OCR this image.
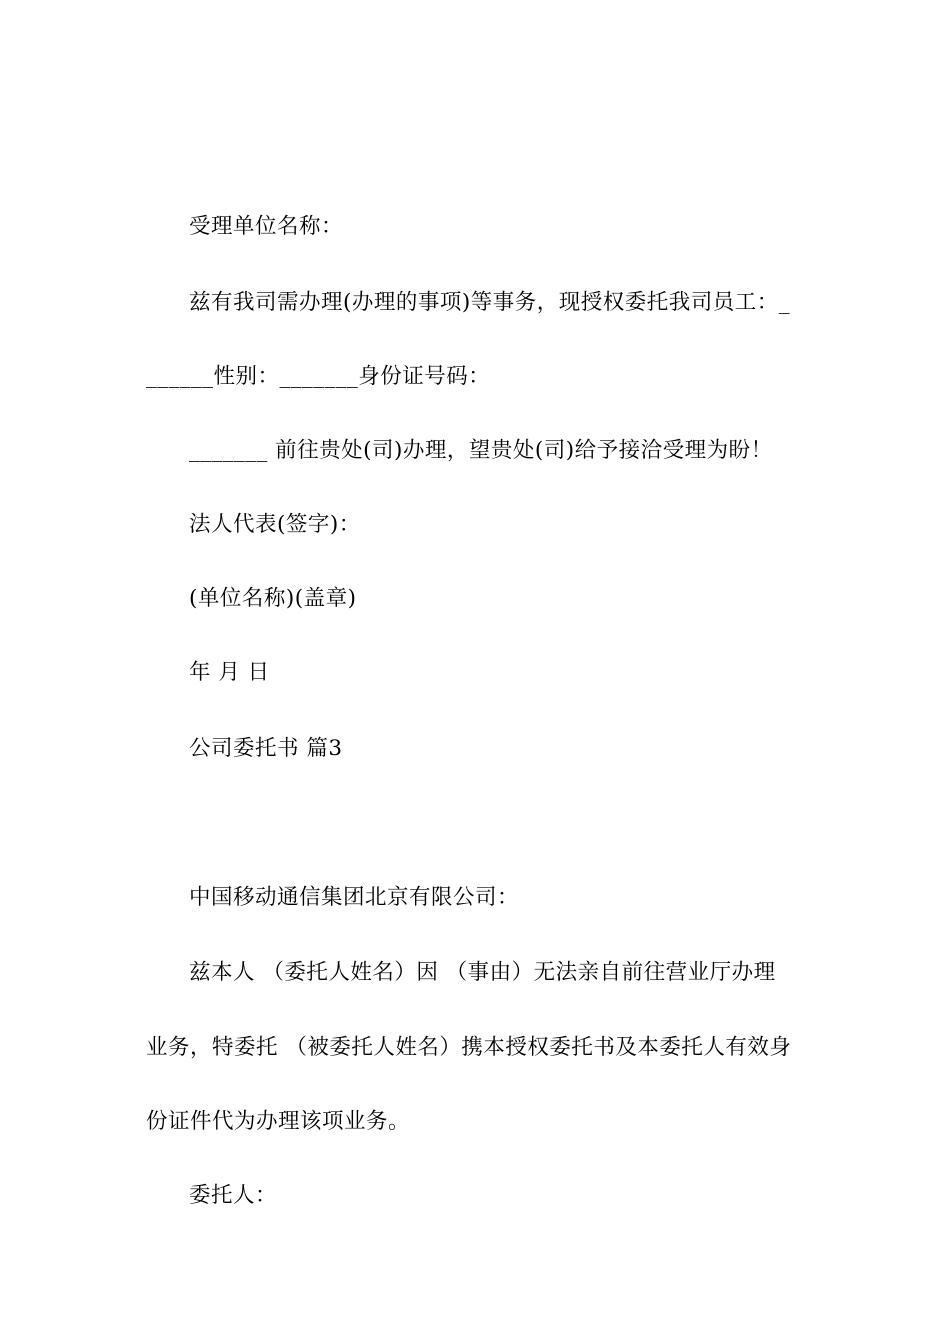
受理单位名称：
兹有我司需办理(办理的事项)等事务，现授权委托我司员工：_
______性别：_______身份证号码：
_______ 前往贵处(司)办理，望贵处(司)给予接洽受理为盼！
法人代表(签字)：
(单位名称)(盖章)
年 月 日
公司委托书 篇3
中国移动通信集团北京有限公司：
兹本人 （委托人姓名）因 （事由）无法亲自前往营业厅办理
业务，特委托 （被委托人姓名）携本授权委托书及本委托人有效身
份证件代为办理该项业务。
委托人：
